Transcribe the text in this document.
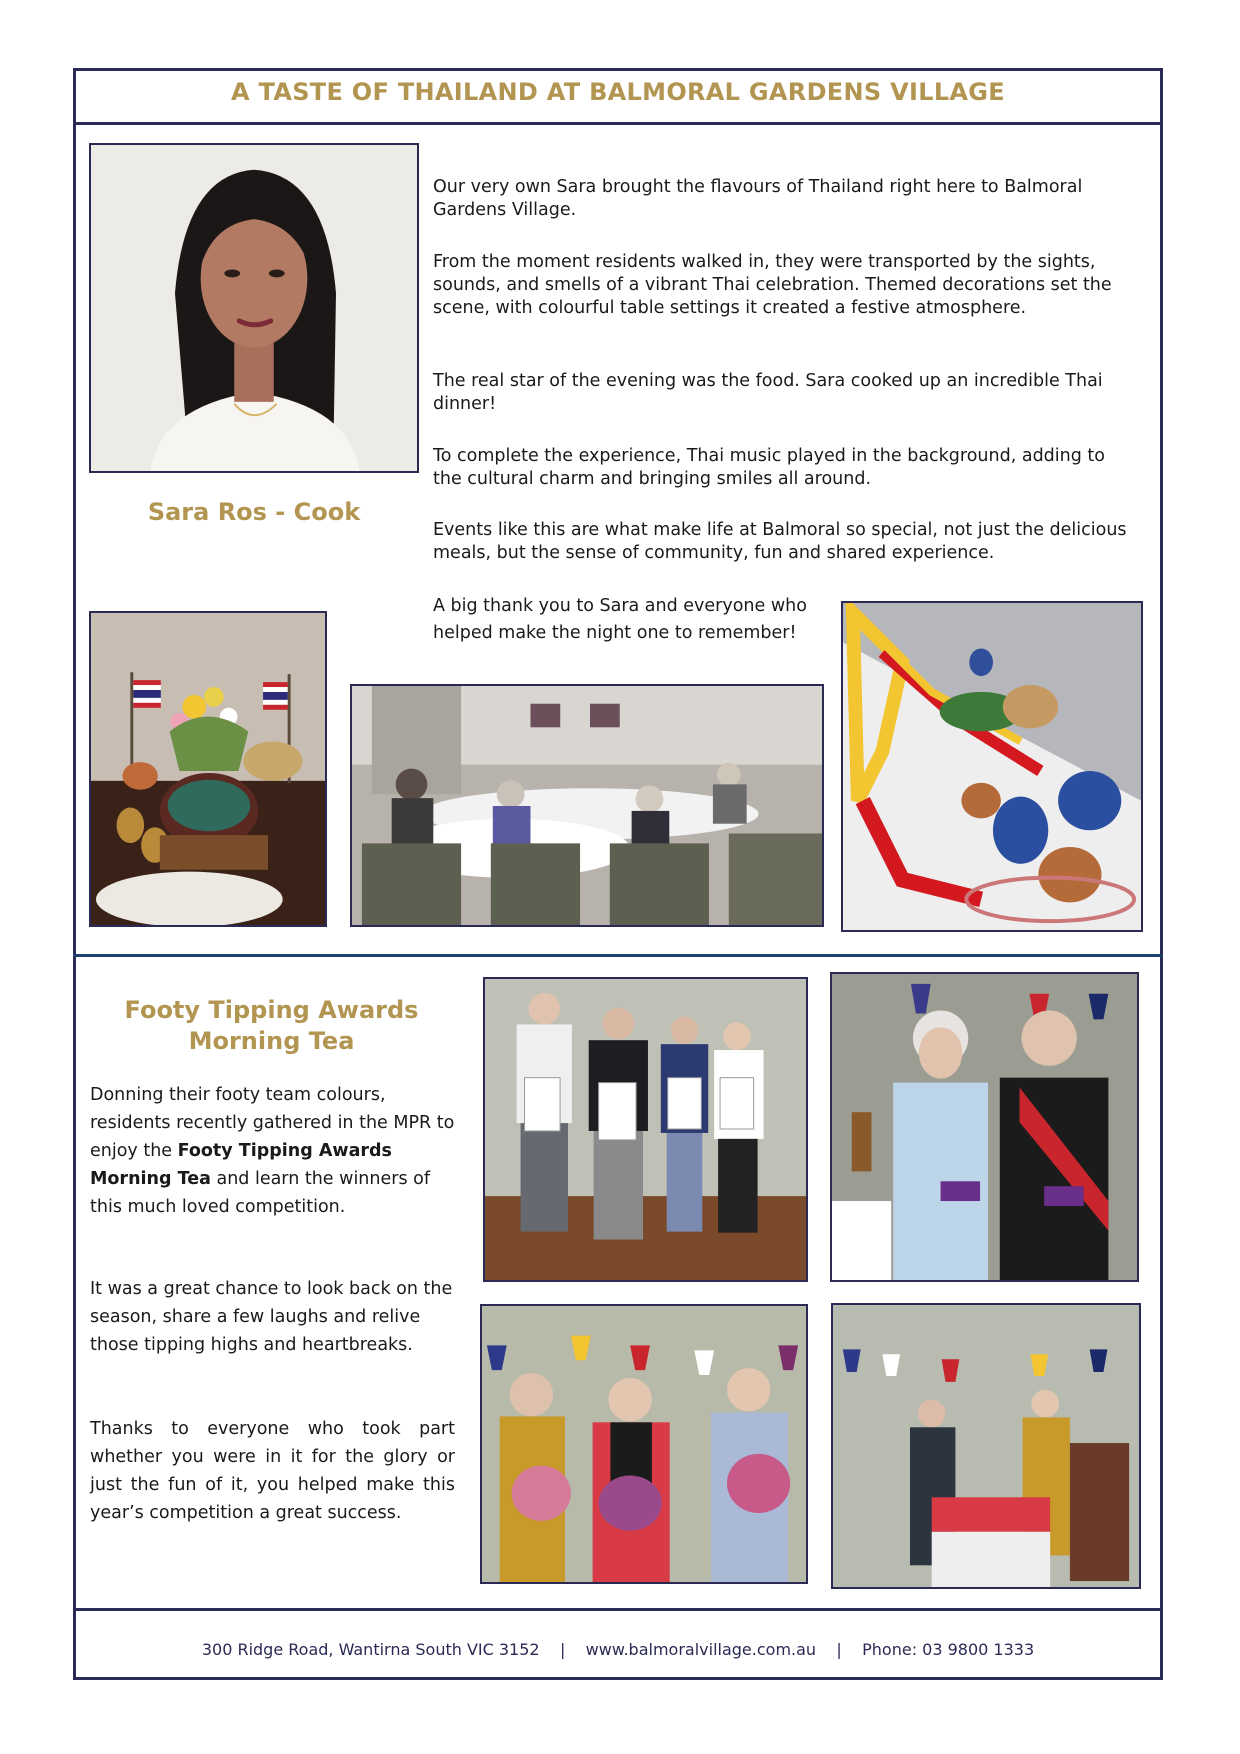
A TASTE OF THAILAND AT BALMORAL GARDENS VILLAGE
Sara Ros - Cook

Our very own Sara brought the flavours of Thailand right here to Balmoral Gardens Village.

From the moment residents walked in, they were transported by the sights, sounds, and smells of a vibrant Thai celebration. Themed decorations set the scene, with colourful table settings it created a festive atmosphere.

The real star of the evening was the food. Sara cooked up an incredible Thai dinner!

To complete the experience, Thai music played in the background, adding to the cultural charm and bringing smiles all around.

Events like this are what make life at Balmoral so special, not just the delicious meals, but the sense of community, fun and shared experience.

A big thank you to Sara and everyone who helped make the night one to remember!

Footy Tipping Awards
Morning Tea

Donning their footy team colours, residents recently gathered in the MPR to enjoy the Footy Tipping Awards Morning Tea and learn the winners of this much loved competition.

It was a great chance to look back on the season, share a few laughs and relive those tipping highs and heartbreaks.

Thanks to everyone who took part whether you were in it for the glory or just the fun of it, you helped make this year’s competition a great success.

300 Ridge Road, Wantirna South VIC 3152 | www.balmoralvillage.com.au | Phone: 03 9800 1333
